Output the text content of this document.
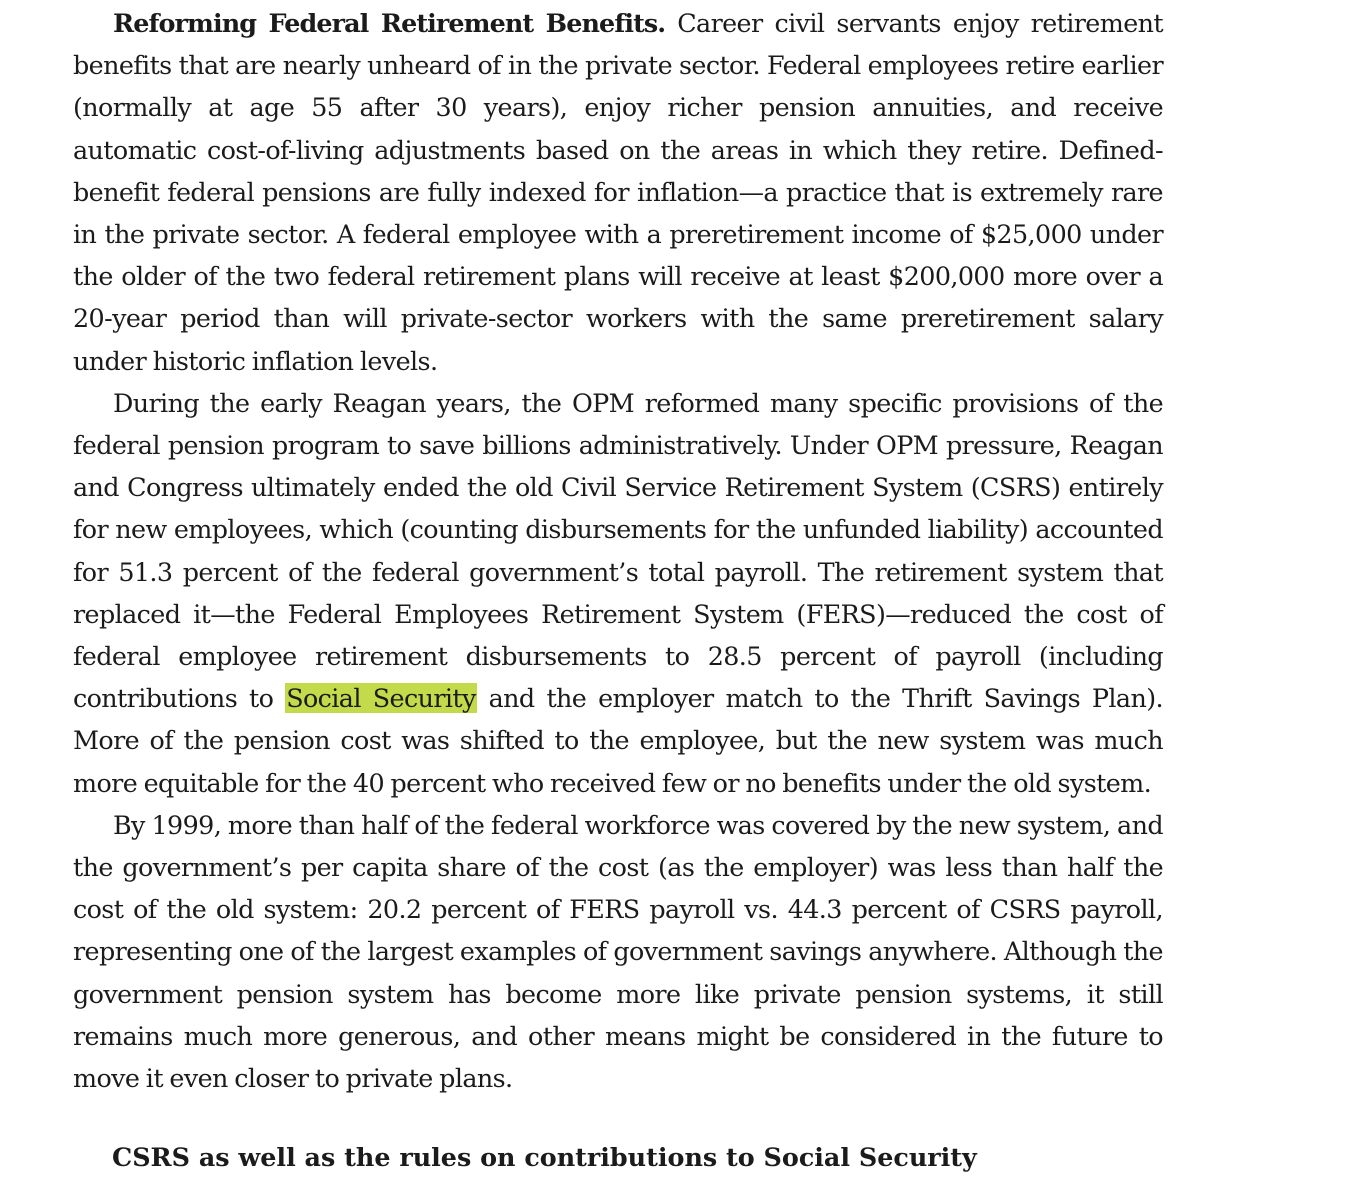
Reforming Federal Retirement Benefits. Career civil servants enjoy retirement benefits that are nearly unheard of in the private sector. Federal employees retire earlier (normally at age 55 after 30 years), enjoy richer pension annuities, and receive automatic cost-of-living adjustments based on the areas in which they retire. Defined-benefit federal pensions are fully indexed for inflation—a practice that is extremely rare in the private sector. A federal employee with a preretirement income of $25,000 under the older of the two federal retirement plans will receive at least $200,000 more over a 20-year period than will private-sector workers with the same preretirement salary under historic inflation levels.

During the early Reagan years, the OPM reformed many specific provisions of the federal pension program to save billions administratively. Under OPM pressure, Reagan and Congress ultimately ended the old Civil Service Retirement System (CSRS) entirely for new employees, which (counting disbursements for the unfunded liability) accounted for 51.3 percent of the federal government’s total payroll. The retirement system that replaced it—the Federal Employees Retirement System (FERS)—reduced the cost of federal employee retirement disbursements to 28.5 percent of payroll (including contributions to Social Security and the employer match to the Thrift Savings Plan). More of the pension cost was shifted to the employee, but the new system was much more equitable for the 40 percent who received few or no benefits under the old system.

By 1999, more than half of the federal workforce was covered by the new system, and the government’s per capita share of the cost (as the employer) was less than half the cost of the old system: 20.2 percent of FERS payroll vs. 44.3 percent of CSRS payroll, representing one of the largest examples of government savings anywhere. Although the government pension system has become more like private pension systems, it still remains much more generous, and other means might be considered in the future to move it even closer to private plans.

CSRS as well as the rules on contributions to Social Security
